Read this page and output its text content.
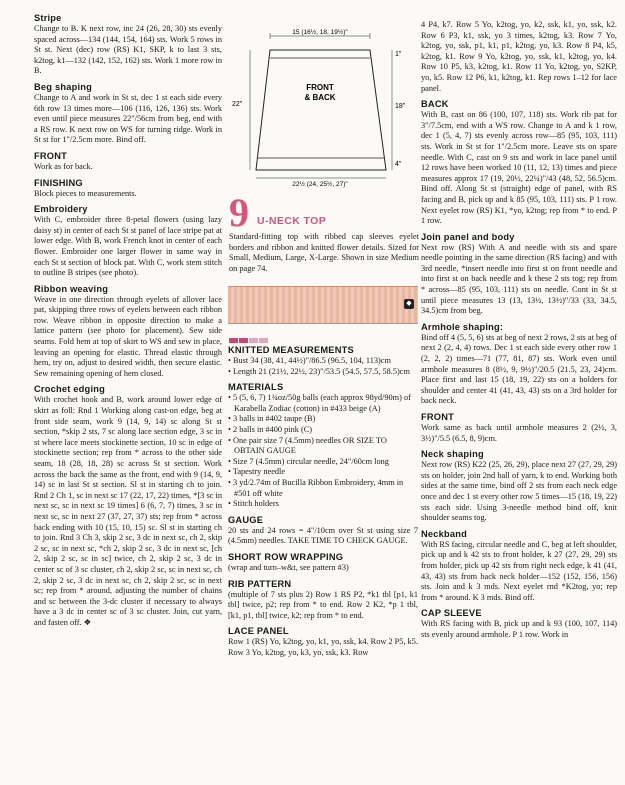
Stripe

Change to B. K next row, inc 24 (26, 28, 30) sts evenly spaced across—134 (144, 154, 164) sts. Work 5 rows in St st. Next (dec) row (RS) K1, SKP, k to last 3 sts, k2tog, k1—132 (142, 152, 162) sts. Work 1 more row in B.

Beg shaping

Change to A and work in St st, dec 1 st each side every 6th row 13 times more—106 (116, 126, 136) sts. Work even until piece measures 22"/56cm from beg, end with a RS row. K next row on WS for turning ridge. Work in St st for 1"/2.5cm more. Bind off.

FRONT

Work as for back.

FINISHING

Block pieces to measurements.

Embroidery

With C, embroider three 8-petal flowers (using lazy daisy st) in center of each St st panel of lace stripe pat at lower edge. With B, work French knot in center of each flower. Embroider one larger flower in same way in each St st section of block pat. With C, work stem stitch to outline B stripes (see photo).

Ribbon weaving

Weave in one direction through eyelets of allover lace pat, skipping three rows of eyelets between each ribbon row. Weave ribbon in opposite direction to make a lattice pattern (see photo for placement). Sew side seams. Fold hem at top of skirt to WS and sew in place, leaving an opening for elastic. Thread elastic through hem, try on, adjust to desired width, then secure elastic. Sew remaining opening of hem closed.

Crochet edging

With crochet hook and B, work around lower edge of skirt as foll: Rnd 1 Working along cast-on edge, beg at front side seam, work 9 (14, 9, 14) sc along St st section, *skip 2 sts, 7 sc along lace section edge, 3 sc in st where lace meets stockinette section, 10 sc in edge of stockinette section; rep from * across to the other side seam, 18 (28, 18, 28) sc across St st section. Work across the back the same as the front, end with 9 (14, 9, 14) sc in last St st section. Sl st in starting ch to join. Rnd 2 Ch 1, sc in next sc 17 (22, 17, 22) times, *[3 sc in next sc, sc in next sc 19 times] 6 (6, 7, 7) times, 3 sc in next sc, sc in next 27 (37, 27, 37) sts; rep from * across back ending with 10 (15, 10, 15) sc. Sl st in starting ch to join. Rnd 3 Ch 3, skip 2 sc, 3 dc in next sc, ch 2, skip 2 sc, sc in next sc, *ch 2, skip 2 sc, 3 dc in next sc, [ch 2, skip 2 sc, sc in sc] twice, ch 2, skip 2 sc, 3 dc in center sc of 3 sc cluster, ch 2, skip 2 sc, sc in next sc, ch 2, skip 2 sc, 3 dc in next sc, ch 2, skip 2 sc, sc in next sc; rep from * around, adjusting the number of chains and sc between the 3-dc cluster if necessary to always have a 3 dc in center sc of 3 sc cluster. Join, cut yarn, and fasten off. ❖

15 (16½, 18, 19½)"
FRONT
& BACK
22"
1"
18"
4"
22½ (24, 25½, 27)"
9 U-NECK TOP

Standard-fitting top with ribbed cap sleeves eyelet borders and ribbon and knitted flower details. Sized for Small, Medium, Large, X-Large. Shown in size Medium on page 74.

◆
KNITTED MEASUREMENTS
• Bust 34 (38, 41, 44½)"/86.5 (96.5, 104, 113)cm
• Length 21 (21½, 22½, 23)"/53.5 (54.5, 57.5, 58.5)cm
MATERIALS
• 5 (5, 6, 7) 1¾oz/50g balls (each approx 98yd/90m) of Karabella Zodiac (cotton) in #433 beige (A)
• 3 balls in #402 taupe (B)
• 2 balls in #400 pink (C)
• One pair size 7 (4.5mm) needles OR SIZE TO OBTAIN GAUGE
• Size 7 (4.5mm) circular needle, 24"/60cm long
• Tapestry needle
• 3 yd/2.74m of Bucilla Ribbon Embroidery, 4mm in #501 off white
• Stitch holders
GAUGE

20 sts and 24 rows = 4"/10cm over St st using size 7 (4.5mm) needles. TAKE TIME TO CHECK GAUGE.

SHORT ROW WRAPPING

(wrap and turn–w&t, see pattern #3)

RIB PATTERN

(multiple of 7 sts plus 2) Row 1 RS P2, *k1 tbl [p1, k1 tbl] twice, p2; rep from * to end. Row 2 K2, *p 1 tbl, [k1, p1, tbl] twice, k2; rep from * to end.

LACE PANEL

Row 1 (RS) Yo, k2tog, yo, k1, yo, ssk, k4. Row 2 P5, k5. Row 3 Yo, k2tog, yo, k3, yo, ssk, k3. Row

4 P4, k7. Row 5 Yo, k2tog, yo, k2, ssk, k1, yo, ssk, k2. Row 6 P3, k1, ssk, yo 3 times, k2tog, k3. Row 7 Yo, k2tog, yo, ssk, p1, k1, p1, k2tog, yo, k3. Row 8 P4, k5, k2tog, k1. Row 9 Yo, k2tog, yo, ssk, k1, k2tog, yo, k4. Row 10 P5, k3, k2tog, k1. Row 11 Yo, k2tog, yo, S2KP, yo, k5. Row 12 P6, k1, k2tog, k1. Rep rows 1–12 for lace panel.

BACK

With B, cast on 86 (100, 107, 118) sts. Work rib pat for 3"/7.5cm, end with a WS row. Change to A and k 1 row, dec 1 (5, 4, 7) sts evenly across row—85 (95, 103, 111) sts. Work in St st for 1"/2.5cm more. Leave sts on spare needle. With C, cast on 9 sts and work in lace panel until 12 rows have been worked 10 (11, 12, 13) times and piece measures approx 17 (19, 20½, 22¼)"/43 (48, 52, 56.5)cm. Bind off. Along St st (straight) edge of panel, with RS facing and B, pick up and k 85 (95, 103, 111) sts. P 1 row. Next eyelet row (RS) K1, *yo, k2tog; rep from * to end. P 1 row.

Join panel and body

Next row (RS) With A and needle with sts and spare needle pointing in the same direction (RS facing) and with 3rd needle, *insert needle into first st on front needle and into first st on back needle and k these 2 sts tog; rep from * across—85 (95, 103, 111) sts on needle. Cont in St st until piece measures 13 (13, 13½, 13½)"/33 (33, 34.5, 34.5)cm from beg.

Armhole shaping:

Bind off 4 (5, 5, 6) sts at beg of next 2 rows, 2 sts at beg of next 2 (2, 4, 4) rows. Dec 1 st each side every other row 1 (2, 2, 2) times—71 (77, 81, 87) sts. Work even until armhole measures 8 (8½, 9, 9½)"/20.5 (21.5, 23, 24)cm. Place first and last 15 (18, 19, 22) sts on a holders for shoulder and center 41 (41, 43, 43) sts on a 3rd holder for back neck.

FRONT

Work same as back until armhole measures 2 (2½, 3, 3½)"/5.5 (6.5, 8, 9)cm.

Neck shaping

Next row (RS) K22 (25, 26, 29), place next 27 (27, 29, 29) sts on holder, join 2nd ball of yarn, k to end. Working both sides at the same time, bind off 2 sts from each neck edge once and dec 1 st every other row 5 times—15 (18, 19, 22) sts each side. Using 3-needle method bind off, knit shoulder seams tog.

Neckband

With RS facing, circular needle and C, beg at left shoulder, pick up and k 42 sts to front holder, k 27 (27, 29, 29) sts from holder, pick up 42 sts from right neck edge, k 41 (41, 43, 43) sts from back neck holder—152 (152, 156, 156) sts. Join and k 3 mds. Next eyelet rnd *K2tog, yo; rep from * around. K 3 mds. Bind off.

CAP SLEEVE

With RS facing with B, pick up and k 93 (100, 107, 114) sts evenly around armhole. P 1 row. Work in
